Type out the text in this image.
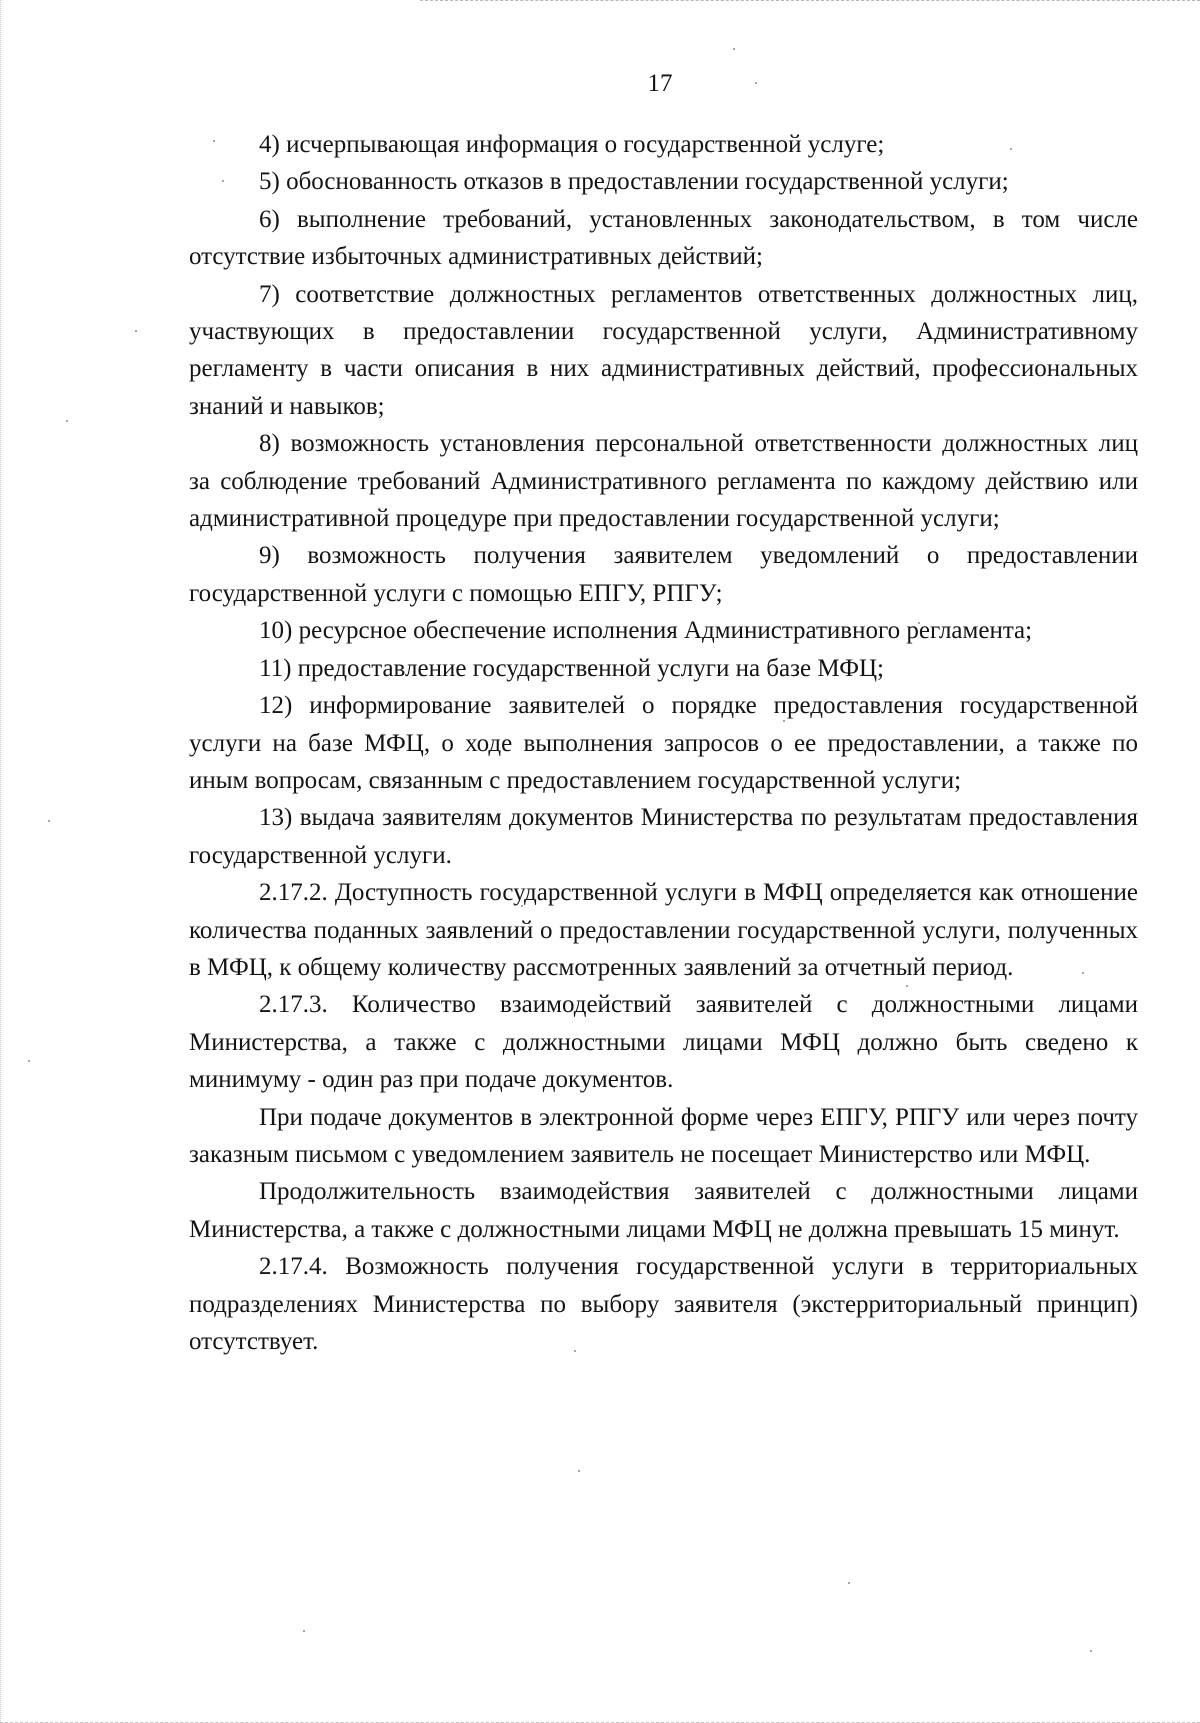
17

4) исчерпывающая информация о государственной услуге;

5) обоснованность отказов в предоставлении государственной услуги;

6) выполнение требований, установленных законодательством, в том числе отсутствие избыточных административных действий;

7) соответствие должностных регламентов ответственных должностных лиц, участвующих в предоставлении государственной услуги, Административному регламенту в части описания в них административных действий, профессиональных знаний и навыков;

8) возможность установления персональной ответственности должностных лиц за соблюдение требований Административного регламента по каждому действию или административной процедуре при предоставлении государственной услуги;

9) возможность получения заявителем уведомлений о предоставлении государственной услуги с помощью ЕПГУ, РПГУ;

10) ресурсное обеспечение исполнения Административного регламента;

11) предоставление государственной услуги на базе МФЦ;

12) информирование заявителей о порядке предоставления государственной услуги на базе МФЦ, о ходе выполнения запросов о ее предоставлении, а также по иным вопросам, связанным с предоставлением государственной услуги;

13) выдача заявителям документов Министерства по результатам предоставления государственной услуги.

2.17.2. Доступность государственной услуги в МФЦ определяется как отношение количества поданных заявлений о предоставлении государственной услуги, полученных в МФЦ, к общему количеству рассмотренных заявлений за отчетный период.

2.17.3. Количество взаимодействий заявителей с должностными лицами Министерства, а также с должностными лицами МФЦ должно быть сведено к минимуму - один раз при подаче документов.

При подаче документов в электронной форме через ЕПГУ, РПГУ или через почту заказным письмом с уведомлением заявитель не посещает Министерство или МФЦ.

Продолжительность взаимодействия заявителей с должностными лицами Министерства, а также с должностными лицами МФЦ не должна превышать 15 минут.

2.17.4. Возможность получения государственной услуги в территориальных подразделениях Министерства по выбору заявителя (экстерриториальный принцип) отсутствует.
